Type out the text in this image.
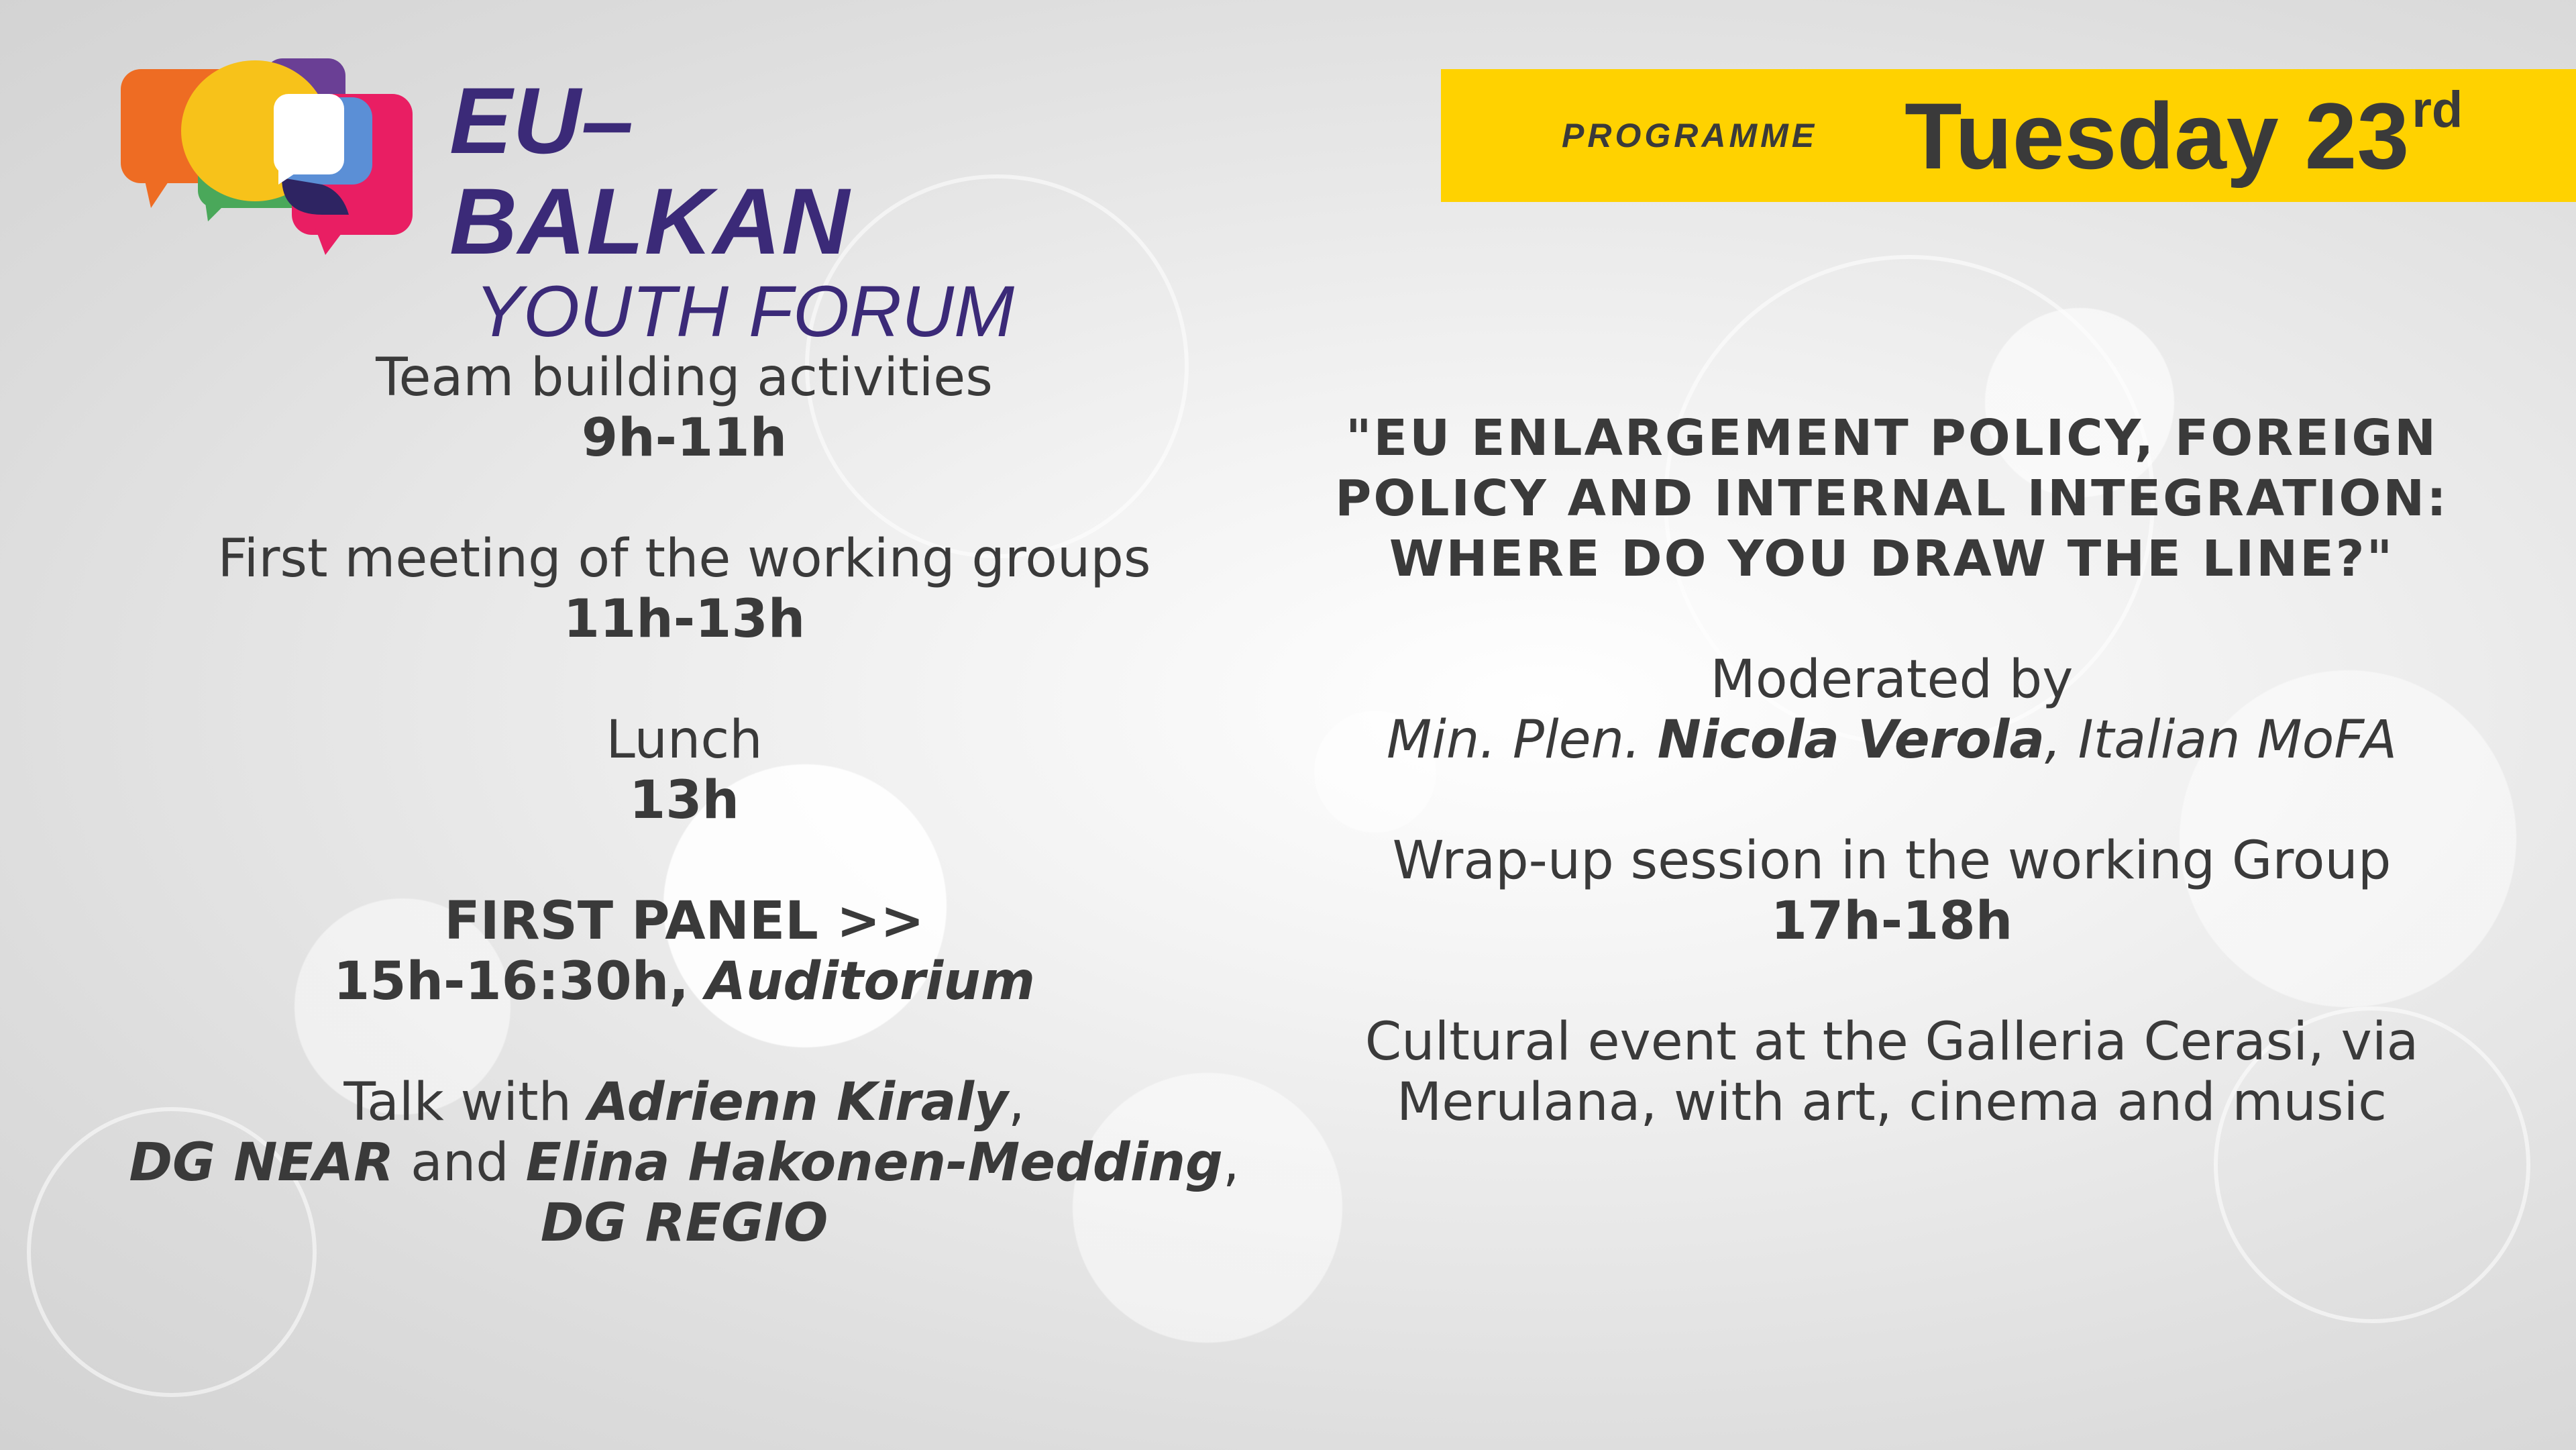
EU–BALKAN
YOUTH FORUM
PROGRAMME Tuesday 23rd
Team building activities
9h-11h
First meeting of the working groups
11h-13h
Lunch
13h
FIRST PANEL >>
15h-16:30h, Auditorium
Talk with Adrienn Kiraly,
DG NEAR and Elina Hakonen-Medding,
DG REGIO
"EU ENLARGEMENT POLICY, FOREIGN
POLICY AND INTERNAL INTEGRATION:
WHERE DO YOU DRAW THE LINE?"
Moderated by
Min. Plen. Nicola Verola, Italian MoFA
Wrap-up session in the working Group
17h-18h
Cultural event at the Galleria Cerasi, via
Merulana, with art, cinema and music
